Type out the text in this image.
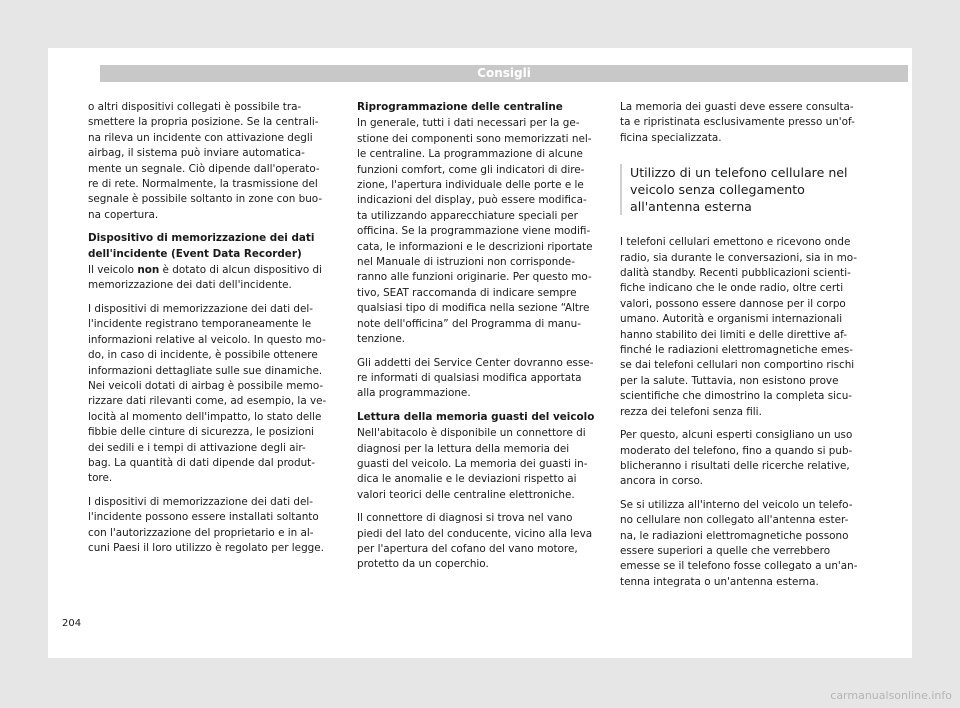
Consigli

o altri dispositivi collegati è possibile tra-smettere la propria posizione. Se la centrali-na rileva un incidente con attivazione degli airbag, il sistema può inviare automatica-mente un segnale. Ciò dipende dall'operato-re di rete. Normalmente, la trasmissione del segnale è possibile soltanto in zone con buo-na copertura.

Dispositivo di memorizzazione dei dati dell'incidente (Event Data Recorder)

Il veicolo non è dotato di alcun dispositivo di memorizzazione dei dati dell'incidente.

I dispositivi di memorizzazione dei dati del-l'incidente registrano temporaneamente le informazioni relative al veicolo. In questo mo-do, in caso di incidente, è possibile ottenere informazioni dettagliate sulle sue dinamiche. Nei veicoli dotati di airbag è possibile memo-rizzare dati rilevanti come, ad esempio, la ve-locità al momento dell'impatto, lo stato delle fibbie delle cinture di sicurezza, le posizioni dei sedili e i tempi di attivazione degli air-bag. La quantità di dati dipende dal produt-tore.

I dispositivi di memorizzazione dei dati del-l'incidente possono essere installati soltanto con l'autorizzazione del proprietario e in al-cuni Paesi il loro utilizzo è regolato per legge.

Riprogrammazione delle centraline

In generale, tutti i dati necessari per la ge-stione dei componenti sono memorizzati nel-le centraline. La programmazione di alcune funzioni comfort, come gli indicatori di dire-zione, l'apertura individuale delle porte e le indicazioni del display, può essere modifica-ta utilizzando apparecchiature speciali per officina. Se la programmazione viene modifi-cata, le informazioni e le descrizioni riportate nel Manuale di istruzioni non corrisponde-ranno alle funzioni originarie. Per questo mo-tivo, SEAT raccomanda di indicare sempre qualsiasi tipo di modifica nella sezione “Altre note dell'officina” del Programma di manu-tenzione.

Gli addetti dei Service Center dovranno esse-re informati di qualsiasi modifica apportata alla programmazione.

Lettura della memoria guasti del veicolo

Nell'abitacolo è disponibile un connettore di diagnosi per la lettura della memoria dei guasti del veicolo. La memoria dei guasti in-dica le anomalie e le deviazioni rispetto ai valori teorici delle centraline elettroniche.

Il connettore di diagnosi si trova nel vano piedi del lato del conducente, vicino alla leva per l'apertura del cofano del vano motore, protetto da un coperchio.

La memoria dei guasti deve essere consulta-ta e ripristinata esclusivamente presso un'of-ficina specializzata.

Utilizzo di un telefono cellulare nel veicolo senza collegamento all'antenna esterna

I telefoni cellulari emettono e ricevono onde radio, sia durante le conversazioni, sia in mo-dalità standby. Recenti pubblicazioni scienti-fiche indicano che le onde radio, oltre certi valori, possono essere dannose per il corpo umano. Autorità e organismi internazionali hanno stabilito dei limiti e delle direttive af-finché le radiazioni elettromagnetiche emes-se dai telefoni cellulari non comportino rischi per la salute. Tuttavia, non esistono prove scientifiche che dimostrino la completa sicu-rezza dei telefoni senza fili.

Per questo, alcuni esperti consigliano un uso moderato del telefono, fino a quando si pub-blicheranno i risultati delle ricerche relative, ancora in corso.

Se si utilizza all'interno del veicolo un telefo-no cellulare non collegato all'antenna ester-na, le radiazioni elettromagnetiche possono essere superiori a quelle che verrebbero emesse se il telefono fosse collegato a un'an-tenna integrata o un'antenna esterna.

204
carmanualsonline.info
